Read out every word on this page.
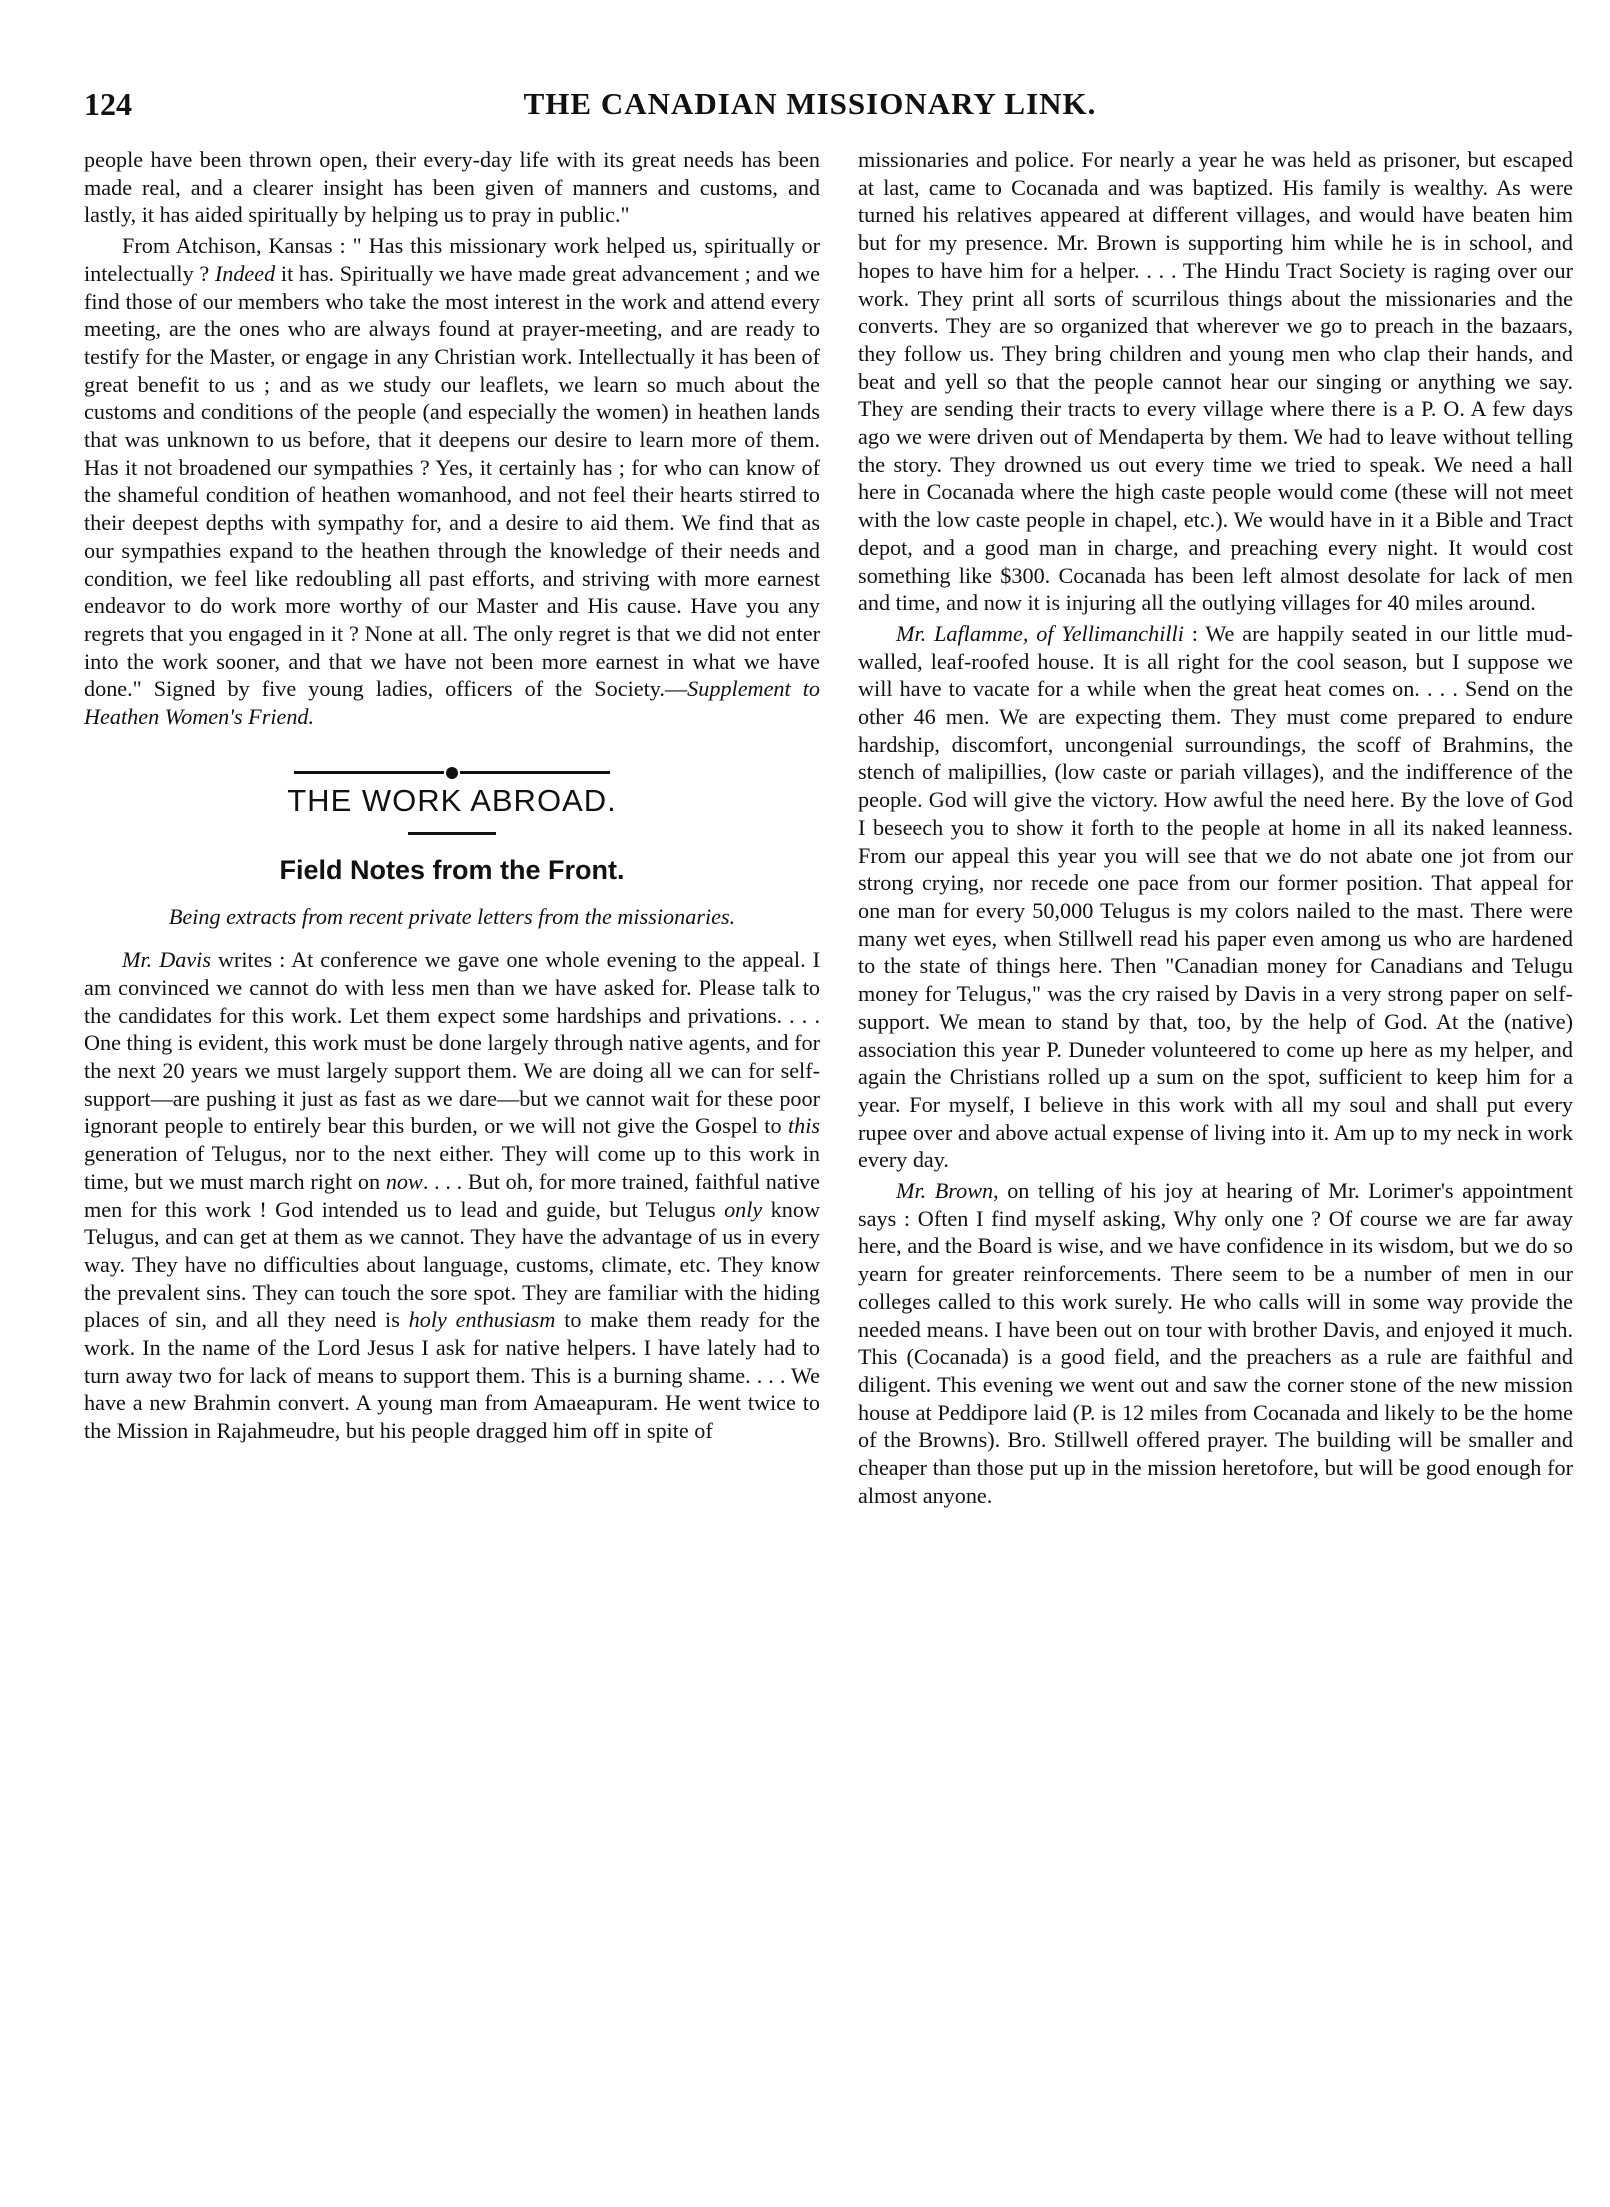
124	THE CANADIAN MISSIONARY LINK.

people have been thrown open, their every-day life with its great needs has been made real, and a clearer insight has been given of manners and customs, and lastly, it has aided spiritually by helping us to pray in public."

From Atchison, Kansas : " Has this missionary work helped us, spiritually or intelectually ? Indeed it has. Spiritually we have made great advancement ; and we find those of our members who take the most interest in the work and attend every meeting, are the ones who are always found at prayer-meeting, and are ready to testify for the Master, or engage in any Christian work. Intellectually it has been of great benefit to us ; and as we study our leaflets, we learn so much about the customs and conditions of the people (and especially the women) in heathen lands that was unknown to us before, that it deepens our desire to learn more of them. Has it not broadened our sympathies ? Yes, it certainly has ; for who can know of the shameful condition of heathen womanhood, and not feel their hearts stirred to their deepest depths with sympathy for, and a desire to aid them. We find that as our sympathies expand to the heathen through the knowledge of their needs and condition, we feel like redoubling all past efforts, and striving with more earnest endeavor to do work more worthy of our Master and His cause. Have you any regrets that you engaged in it ? None at all. The only regret is that we did not enter into the work sooner, and that we have not been more earnest in what we have done." Signed by five young ladies, officers of the Society.—Supplement to Heathen Women's Friend.

THE WORK ABROAD.
Field Notes from the Front.
Being extracts from recent private letters from the missionaries.

Mr. Davis writes : At conference we gave one whole evening to the appeal. I am convinced we cannot do with less men than we have asked for. Please talk to the candidates for this work. Let them expect some hardships and privations. . . . One thing is evident, this work must be done largely through native agents, and for the next 20 years we must largely support them. We are doing all we can for self-support—are pushing it just as fast as we dare—but we cannot wait for these poor ignorant people to entirely bear this burden, or we will not give the Gospel to this generation of Telugus, nor to the next either. They will come up to this work in time, but we must march right on now. . . . But oh, for more trained, faithful native men for this work ! God intended us to lead and guide, but Telugus only know Telugus, and can get at them as we cannot. They have the advantage of us in every way. They have no difficulties about language, customs, climate, etc. They know the prevalent sins. They can touch the sore spot. They are familiar with the hiding places of sin, and all they need is holy enthusiasm to make them ready for the work. In the name of the Lord Jesus I ask for native helpers. I have lately had to turn away two for lack of means to support them. This is a burning shame. . . . We have a new Brahmin convert. A young man from Amaeapuram. He went twice to the Mission in Rajahmeudre, but his people dragged him off in spite of

missionaries and police. For nearly a year he was held as prisoner, but escaped at last, came to Cocanada and was baptized. His family is wealthy. As were turned his relatives appeared at different villages, and would have beaten him but for my presence. Mr. Brown is supporting him while he is in school, and hopes to have him for a helper. . . . The Hindu Tract Society is raging over our work. They print all sorts of scurrilous things about the missionaries and the converts. They are so organized that wherever we go to preach in the bazaars, they follow us. They bring children and young men who clap their hands, and beat and yell so that the people cannot hear our singing or anything we say. They are sending their tracts to every village where there is a P. O. A few days ago we were driven out of Mendaperta by them. We had to leave without telling the story. They drowned us out every time we tried to speak. We need a hall here in Cocanada where the high caste people would come (these will not meet with the low caste people in chapel, etc.). We would have in it a Bible and Tract depot, and a good man in charge, and preaching every night. It would cost something like $300. Cocanada has been left almost desolate for lack of men and time, and now it is injuring all the outlying villages for 40 miles around.

Mr. Laflamme, of Yellimanchilli : We are happily seated in our little mud-walled, leaf-roofed house. It is all right for the cool season, but I suppose we will have to vacate for a while when the great heat comes on. . . . Send on the other 46 men. We are expecting them. They must come prepared to endure hardship, discomfort, uncongenial surroundings, the scoff of Brahmins, the stench of malipillies, (low caste or pariah villages), and the indifference of the people. God will give the victory. How awful the need here. By the love of God I beseech you to show it forth to the people at home in all its naked leanness. From our appeal this year you will see that we do not abate one jot from our strong crying, nor recede one pace from our former position. That appeal for one man for every 50,000 Telugus is my colors nailed to the mast. There were many wet eyes, when Stillwell read his paper even among us who are hardened to the state of things here. Then "Canadian money for Canadians and Telugu money for Telugus," was the cry raised by Davis in a very strong paper on self-support. We mean to stand by that, too, by the help of God. At the (native) association this year P. Duneder volunteered to come up here as my helper, and again the Christians rolled up a sum on the spot, sufficient to keep him for a year. For myself, I believe in this work with all my soul and shall put every rupee over and above actual expense of living into it. Am up to my neck in work every day.

Mr. Brown, on telling of his joy at hearing of Mr. Lorimer's appointment says : Often I find myself asking, Why only one ? Of course we are far away here, and the Board is wise, and we have confidence in its wisdom, but we do so yearn for greater reinforcements. There seem to be a number of men in our colleges called to this work surely. He who calls will in some way provide the needed means. I have been out on tour with brother Davis, and enjoyed it much. This (Cocanada) is a good field, and the preachers as a rule are faithful and diligent. This evening we went out and saw the corner stone of the new mission house at Peddipore laid (P. is 12 miles from Cocanada and likely to be the home of the Browns). Bro. Stillwell offered prayer. The building will be smaller and cheaper than those put up in the mission heretofore, but will be good enough for almost anyone.
